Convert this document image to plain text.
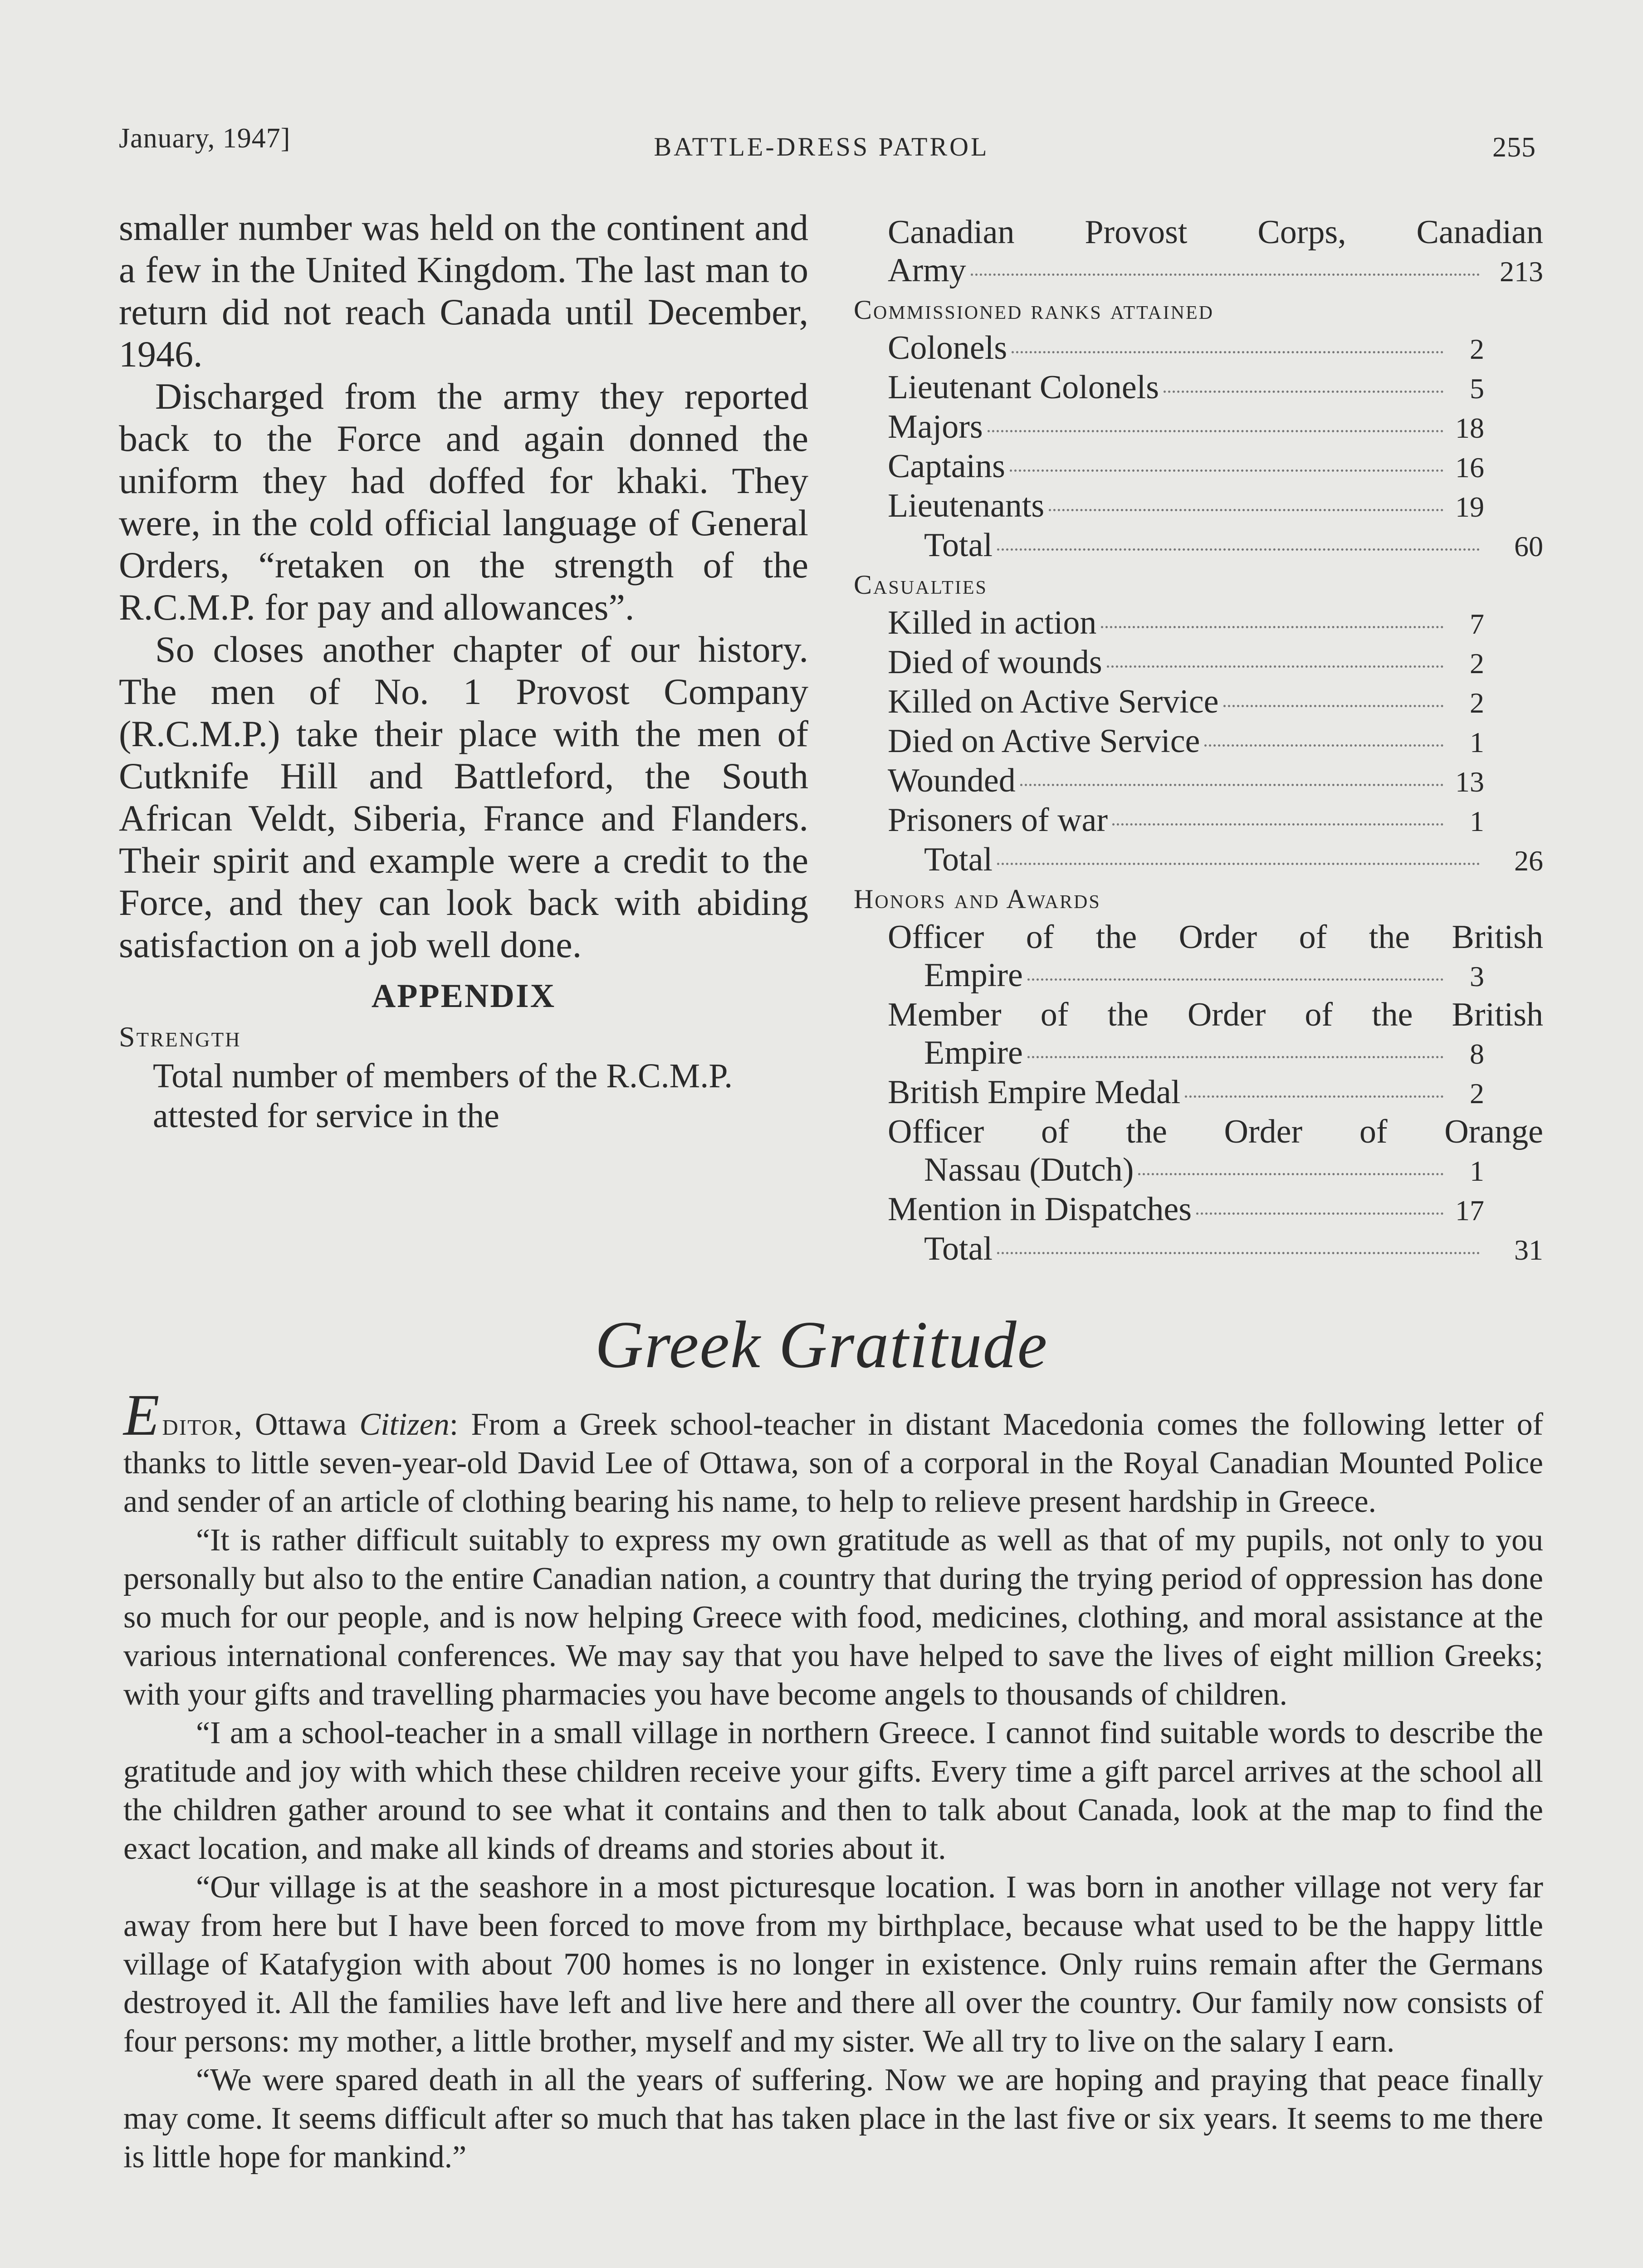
January, 1947]	BATTLE-DRESS PATROL	255

smaller number was held on the continent and a few in the United Kingdom. The last man to return did not reach Canada until December, 1946.

Discharged from the army they reported back to the Force and again donned the uniform they had doffed for khaki. They were, in the cold official language of General Orders, “retaken on the strength of the R.C.M.P. for pay and allowances”.

So closes another chapter of our history. The men of No. 1 Provost Company (R.C.M.P.) take their place with the men of Cutknife Hill and Battleford, the South African Veldt, Siberia, France and Flanders. Their spirit and example were a credit to the Force, and they can look back with abiding satisfaction on a job well done.

APPENDIX
Strength
Total number of members of the R.C.M.P. attested for service in the
Canadian Provost Corps, Canadian
Army	213
Commissioned ranks attained
Colonels	2
Lieutenant Colonels	5
Majors	18
Captains	16
Lieutenants	19
Total	60
Casualties
Killed in action	7
Died of wounds	2
Killed on Active Service	2
Died on Active Service	1
Wounded	13
Prisoners of war	1
Total	26
Honors and Awards
Officer of the Order of the British
Empire	3
Member of the Order of the British
Empire	8
British Empire Medal	2
Officer of the Order of Orange
Nassau (Dutch)	1
Mention in Dispatches	17
Total	31
Greek Gratitude

Editor, Ottawa Citizen: From a Greek school-teacher in distant Macedonia comes the following letter of thanks to little seven-year-old David Lee of Ottawa, son of a corporal in the Royal Canadian Mounted Police and sender of an article of clothing bearing his name, to help to relieve present hardship in Greece.

“It is rather difficult suitably to express my own gratitude as well as that of my pupils, not only to you personally but also to the entire Canadian nation, a country that during the trying period of oppression has done so much for our people, and is now helping Greece with food, medicines, clothing, and moral assistance at the various international conferences. We may say that you have helped to save the lives of eight million Greeks; with your gifts and travelling pharmacies you have become angels to thousands of children.

“I am a school-teacher in a small village in northern Greece. I cannot find suitable words to describe the gratitude and joy with which these children receive your gifts. Every time a gift parcel arrives at the school all the children gather around to see what it contains and then to talk about Canada, look at the map to find the exact location, and make all kinds of dreams and stories about it.

“Our village is at the seashore in a most picturesque location. I was born in another village not very far away from here but I have been forced to move from my birthplace, because what used to be the happy little village of Katafygion with about 700 homes is no longer in existence. Only ruins remain after the Germans destroyed it. All the families have left and live here and there all over the country. Our family now consists of four persons: my mother, a little brother, myself and my sister. We all try to live on the salary I earn.

“We were spared death in all the years of suffering. Now we are hoping and praying that peace finally may come. It seems difficult after so much that has taken place in the last five or six years. It seems to me there is little hope for mankind.”
